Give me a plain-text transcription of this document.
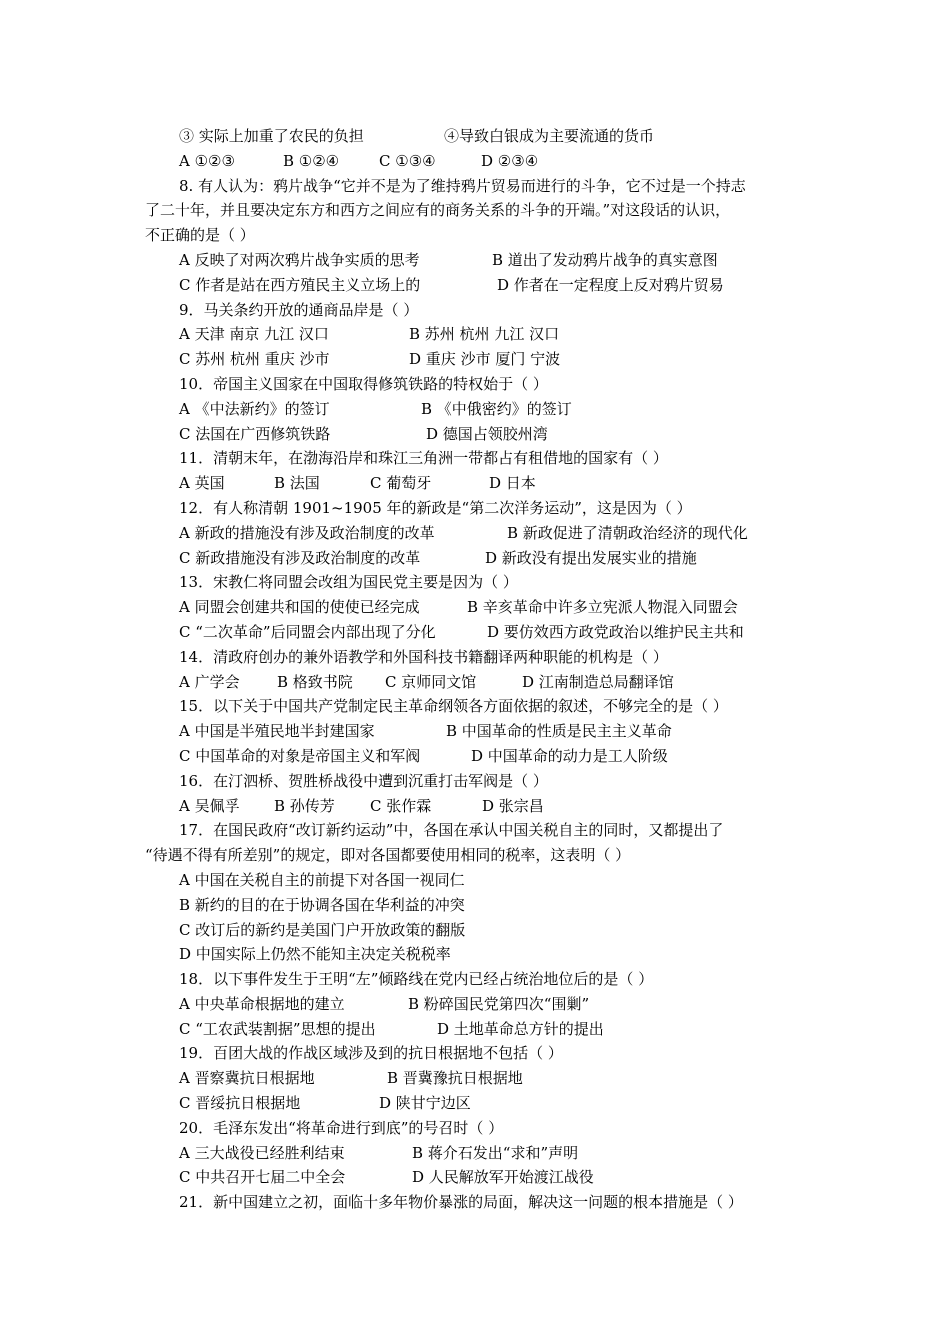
③ 实际上加重了农民的负担	④导致白银成为主要流通的货币
A ①②③	B ①②④	C ①③④	D ②③④
8. 有人认为：鸦片战争“它并不是为了维持鸦片贸易而进行的斗争，它不过是一个持志
了二十年，并且要决定东方和西方之间应有的商务关系的斗争的开端。”对这段话的认识，
不正确的是（ ）
A 反映了对两次鸦片战争实质的思考	B 道出了发动鸦片战争的真实意图
C 作者是站在西方殖民主义立场上的	D 作者在一定程度上反对鸦片贸易
9．马关条约开放的通商品岸是（ ）
A 天津 南京 九江 汉口	B 苏州 杭州 九江 汉口
C 苏州 杭州 重庆 沙市	D 重庆 沙市 厦门 宁波
10．帝国主义国家在中国取得修筑铁路的特权始于（ ）
A 《中法新约》的签订	B 《中俄密约》的签订
C 法国在广西修筑铁路	D 德国占领胶州湾
11．清朝末年，在渤海沿岸和珠江三角洲一带都占有租借地的国家有（ ）
A 英国	B 法国	C 葡萄牙	D 日本
12．有人称清朝 1901~1905 年的新政是“第二次洋务运动”，这是因为（ ）
A 新政的措施没有涉及政治制度的改革	B 新政促进了清朝政治经济的现代化
C 新政措施没有涉及政治制度的改革	D 新政没有提出发展实业的措施
13．宋教仁将同盟会改组为国民党主要是因为（ ）
A 同盟会创建共和国的使使已经完成	B 辛亥革命中许多立宪派人物混入同盟会
C “二次革命”后同盟会内部出现了分化	D 要仿效西方政党政治以维护民主共和
14．清政府创办的兼外语教学和外国科技书籍翻译两种职能的机构是（ ）
A 广学会 B 格致书院 C 京师同文馆	D 江南制造总局翻译馆
15．以下关于中国共产党制定民主革命纲领各方面依据的叙述，不够完全的是（ ）
A 中国是半殖民地半封建国家	B 中国革命的性质是民主主义革命
C 中国革命的对象是帝国主义和军阀	D 中国革命的动力是工人阶级
16．在汀泗桥、贺胜桥战役中遭到沉重打击军阀是（ ）
A 吴佩孚 B 孙传芳 C 张作霖	D 张宗昌
17．在国民政府“改订新约运动”中，各国在承认中国关税自主的同时，又都提出了
“待遇不得有所差别”的规定，即对各国都要使用相同的税率，这表明（ ）
A 中国在关税自主的前提下对各国一视同仁
B 新约的目的在于协调各国在华利益的冲突
C 改订后的新约是美国门户开放政策的翻版
D 中国实际上仍然不能知主决定关税税率
18．以下事件发生于王明“左”倾路线在党内已经占统治地位后的是（ ）
A 中央革命根据地的建立	B 粉碎国民党第四次“围剿”
C “工农武装割据”思想的提出	D 土地革命总方针的提出
19．百团大战的作战区域涉及到的抗日根据地不包括（ ）
A 晋察冀抗日根据地	B 晋冀豫抗日根据地
C 晋绥抗日根据地	D 陕甘宁边区
20．毛泽东发出“将革命进行到底”的号召时（ ）
A 三大战役已经胜利结束	B 蒋介石发出“求和”声明
C 中共召开七届二中全会	D 人民解放军开始渡江战役
21．新中国建立之初，面临十多年物价暴涨的局面，解决这一问题的根本措施是（ ）
